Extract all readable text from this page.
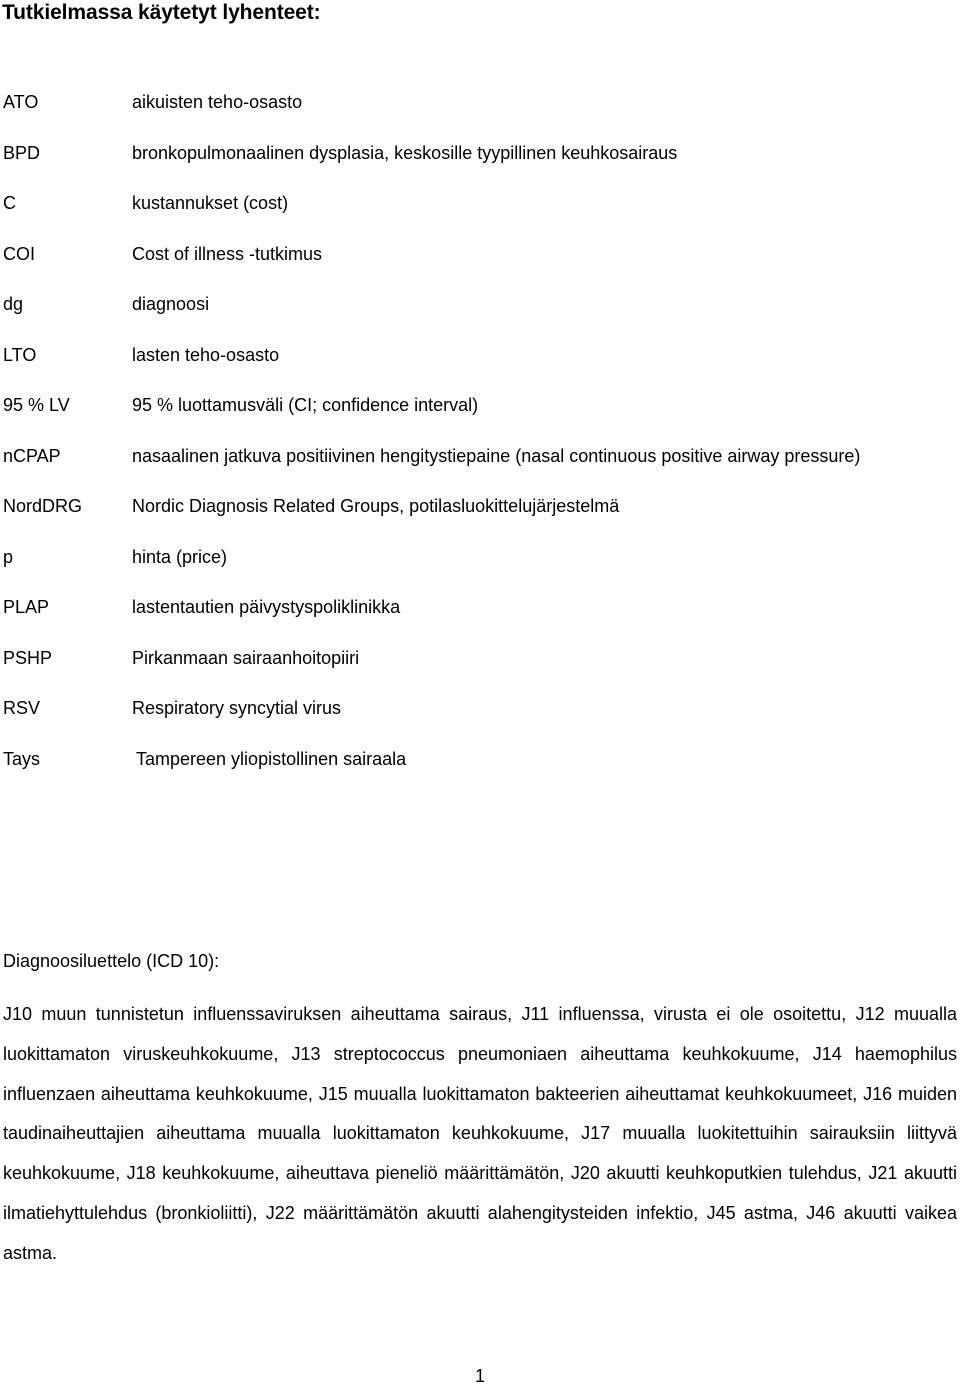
Tutkielmassa käytetyt lyhenteet:
ATO	aikuisten teho-osasto
BPD	bronkopulmonaalinen dysplasia, keskosille tyypillinen keuhkosairaus
C	kustannukset (cost)
COI	Cost of illness -tutkimus
dg	diagnoosi
LTO	lasten teho-osasto
95 % LV	95 % luottamusväli (CI; confidence interval)
nCPAP	nasaalinen jatkuva positiivinen hengitystiepaine (nasal continuous positive airway pressure)
NordDRG	Nordic Diagnosis Related Groups, potilasluokittelujärjestelmä
p	hinta (price)
PLAP	lastentautien päivystyspoliklinikka
PSHP	Pirkanmaan sairaanhoitopiiri
RSV	Respiratory syncytial virus
Tays	Tampereen yliopistollinen sairaala
Diagnoosiluettelo (ICD 10):

J10 muun tunnistetun influenssaviruksen aiheuttama sairaus, J11 influenssa, virusta ei ole osoitettu, J12 muualla luokittamaton viruskeuhkokuume, J13 streptococcus pneumoniaen aiheuttama keuhkokuume, J14 haemophilus influenzaen aiheuttama keuhkokuume, J15 muualla luokittamaton bakteerien aiheuttamat keuhkokuumeet, J16 muiden taudinaiheuttajien aiheuttama muualla luokittamaton keuhkokuume, J17 muualla luokitettuihin sairauksiin liittyvä keuhkokuume, J18 keuhkokuume, aiheuttava pieneliö määrittämätön, J20 akuutti keuhkoputkien tulehdus, J21 akuutti ilmatiehyttulehdus (bronkioliitti), J22 määrittämätön akuutti alahengitysteiden infektio, J45 astma, J46 akuutti vaikea astma.

1
